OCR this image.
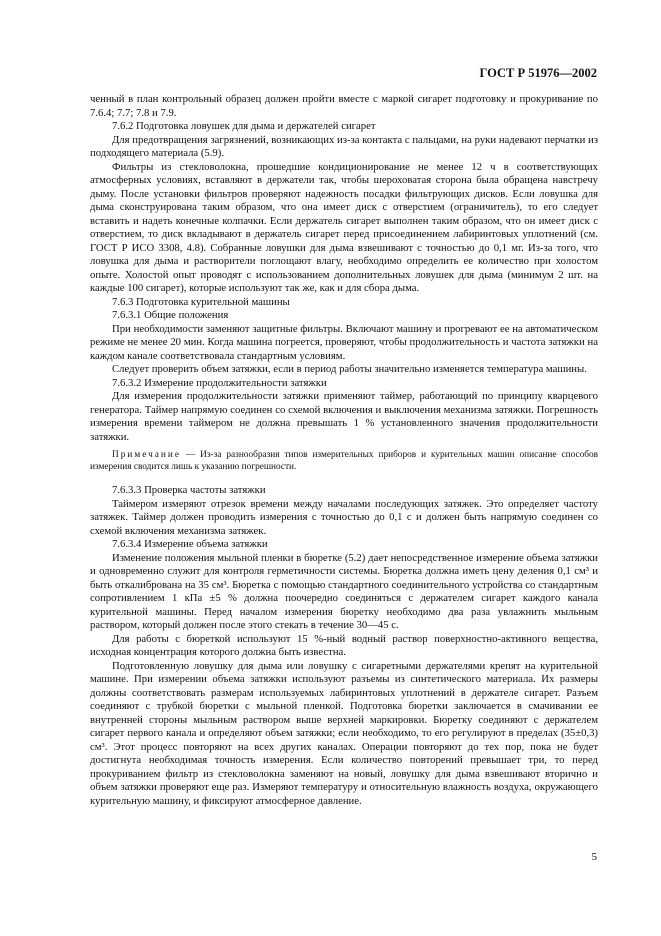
ГОСТ Р 51976—2002

ченный в план контрольный образец должен пройти вместе с маркой сигарет подготовку и прокуривание по 7.6.4; 7.7; 7.8 и 7.9.

7.6.2 Подготовка ловушек для дыма и держателей сигарет

Для предотвращения загрязнений, возникающих из-за контакта с пальцами, на руки надевают перчатки из подходящего материала (5.9).

Фильтры из стекловолокна, прошедшие кондиционирование не менее 12 ч в соответствующих атмосферных условиях, вставляют в держатели так, чтобы шероховатая сторона была обращена навстречу дыму. После установки фильтров проверяют надежность посадки фильтрующих дисков. Если ловушка для дыма сконструирована таким образом, что она имеет диск с отверстием (ограничитель), то его следует вставить и надеть конечные колпачки. Если держатель сигарет выполнен таким образом, что он имеет диск с отверстием, то диск вкладывают в держатель сигарет перед присоединением лабиринтовых уплотнений (см. ГОСТ Р ИСО 3308, 4.8). Собранные ловушки для дыма взвешивают с точностью до 0,1 мг. Из-за того, что ловушка для дыма и растворители поглощают влагу, необходимо определить ее количество при холостом опыте. Холостой опыт проводят с использованием дополнительных ловушек для дыма (минимум 2 шт. на каждые 100 сигарет), которые используют так же, как и для сбора дыма.

7.6.3 Подготовка курительной машины

7.6.3.1 Общие положения

При необходимости заменяют защитные фильтры. Включают машину и прогревают ее на автоматическом режиме не менее 20 мин. Когда машина погреется, проверяют, чтобы продолжительность и частота затяжки на каждом канале соответствовала стандартным условиям.

Следует проверить объем затяжки, если в период работы значительно изменяется температура машины.

7.6.3.2 Измерение продолжительности затяжки

Для измерения продолжительности затяжки применяют таймер, работающий по принципу кварцевого генератора. Таймер напрямую соединен со схемой включения и выключения механизма затяжки. Погрешность измерения времени таймером не должна превышать 1 % установленного значения продолжительности затяжки.

Примечание — Из-за разнообразия типов измерительных приборов и курительных машин описание способов измерения сводится лишь к указанию погрешности.

7.6.3.3 Проверка частоты затяжки

Таймером измеряют отрезок времени между началами последующих затяжек. Это определяет частоту затяжек. Таймер должен проводить измерения с точностью до 0,1 с и должен быть напрямую соединен со схемой включения механизма затяжек.

7.6.3.4 Измерение объема затяжки

Изменение положения мыльной пленки в бюретке (5.2) дает непосредственное измерение объема затяжки и одновременно служит для контроля герметичности системы. Бюретка должна иметь цену деления 0,1 см³ и быть откалиброванa на 35 см³. Бюретка с помощью стандартного соединительного устройства со стандартным сопротивлением 1 кПа ±5 % должна поочередно соединяться с держателем сигарет каждого канала курительной машины. Перед началом измерения бюретку необходимо два раза увлажнить мыльным раствором, который должен после этого стекать в течение 30—45 с.

Для работы с бюреткой используют 15 %-ный водный раствор поверхностно-активного вещества, исходная концентрация которого должна быть известна.

Подготовленную ловушку для дыма или ловушку с сигаретными держателями крепят на курительной машине. При измерении объема затяжки используют разъемы из синтетического материала. Их размеры должны соответствовать размерам используемых лабиринтовых уплотнений в держателе сигарет. Разъем соединяют с трубкой бюретки с мыльной пленкой. Подготовка бюретки заключается в смачивании ее внутренней стороны мыльным раствором выше верхней маркировки. Бюретку соединяют с держателем сигарет первого канала и определяют объем затяжки; если необходимо, то его регулируют в пределах (35±0,3) см³. Этот процесс повторяют на всех других каналах. Операции повторяют до тех пор, пока не будет достигнута необходимая точность измерения. Если количество повторений превышает три, то перед прокуриванием фильтр из стекловолокна заменяют на новый, ловушку для дыма взвешивают вторично и объем затяжки проверяют еще раз. Измеряют температуру и относительную влажность воздуха, окружающего курительную машину, и фиксируют атмосферное давление.

5
